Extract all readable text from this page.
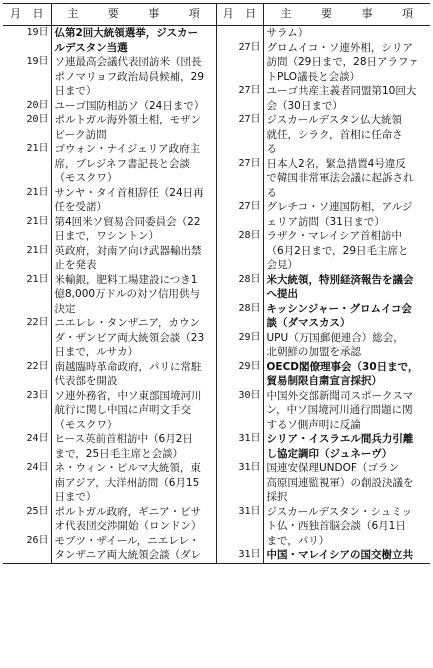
月 日	主 要 事 項	月 日	主 要 事 項
19日	仏第2回大統領選挙，ジスカー		サラム）
	ルデスタン当選	27日	グロムイコ・ソ連外相，シリア
19日	ソ連最高会議代表団訪米（団長		訪問（29日まで，28日アラファ
	ポノマリョフ政治局員候補，29		トPLO議長と会談）
	日まで）	27日	ユーゴ共産主義者同盟第10回大
20日	ユーゴ国防相訪ソ（24日まで）		会（30日まで）
20日	ポルトガル海外領土相，モザン	27日	ジスカールデスタン仏大統領
	ビーク訪問		就任，シラク，首相に任命さ
21日	ゴウォン・ナイジェリア政府主		る
	席，ブレジネフ書記長と会談	27日	日本人2名，緊急措置4号違反
	（モスクワ）		で韓国非常軍法会議に起訴され
21日	サンヤ・タイ首相辞任（24日再		る
	任を受諾）	27日	グレチコ・ソ連国防相，アルジ
21日	第4回米ソ貿易合同委員会（22		ェリア訪問（31日まで）
	日まで，ワシントン）	28日	ラザク・マレイシア首相訪中
21日	英政府，対南ア向け武器輸出禁		（6月2日まで，29日毛主席と
	止を発表		会見）
21日	米輸銀，肥料工場建設につき1	28日	米大統領，特別経済報告を議会
	億8,000万ドルの対ソ信用供与		へ提出
	決定	28日	キッシンジャー・グロムイコ会
22日	ニエレレ・タンザニア，カウン		談（ダマスカス）
	ダ・ザンビア両大統領会談（23	29日	UPU（万国郵便連合）総会，
	日まで，ルサカ）		北朝鮮の加盟を承認
22日	南越臨時革命政府，パリに常駐	29日	OECD閣僚理事会（30日まで，
	代表部を開設		貿易制限自粛宣言採択）
23日	ソ連外務省，中ソ東部国境河川	30日	中国外交部新聞司スポークスマ
	航行に関し中国に声明文手交		ン，中ソ国境河川通行問題に関
	（モスクワ）		するソ側声明に反論
24日	ヒース英前首相訪中（6月2日	31日	シリア・イスラエル間兵力引離
	まで，25日毛主席と会談）		し協定調印（ジュネーヴ）
24日	ネ・ウィン・ビルマ大統領，東	31日	国連安保理UNDOF（ゴラン
	南アジア，大洋州訪問（6月15		高原国連監視軍）の創設決議を
	日まで）		採択
25日	ポルトガル政府，ギニア・ビサ	31日	ジスカールデスタン・シュミッ
	オ代表団交渉開始（ロンドン）		ト仏・西独首脳会談（6月1日
26日	モブツ・ザイール，ニエレレ・		まで，パリ）
	タンザニア両大統領会談（ダレ	31日	中国・マレイシアの国交樹立共
